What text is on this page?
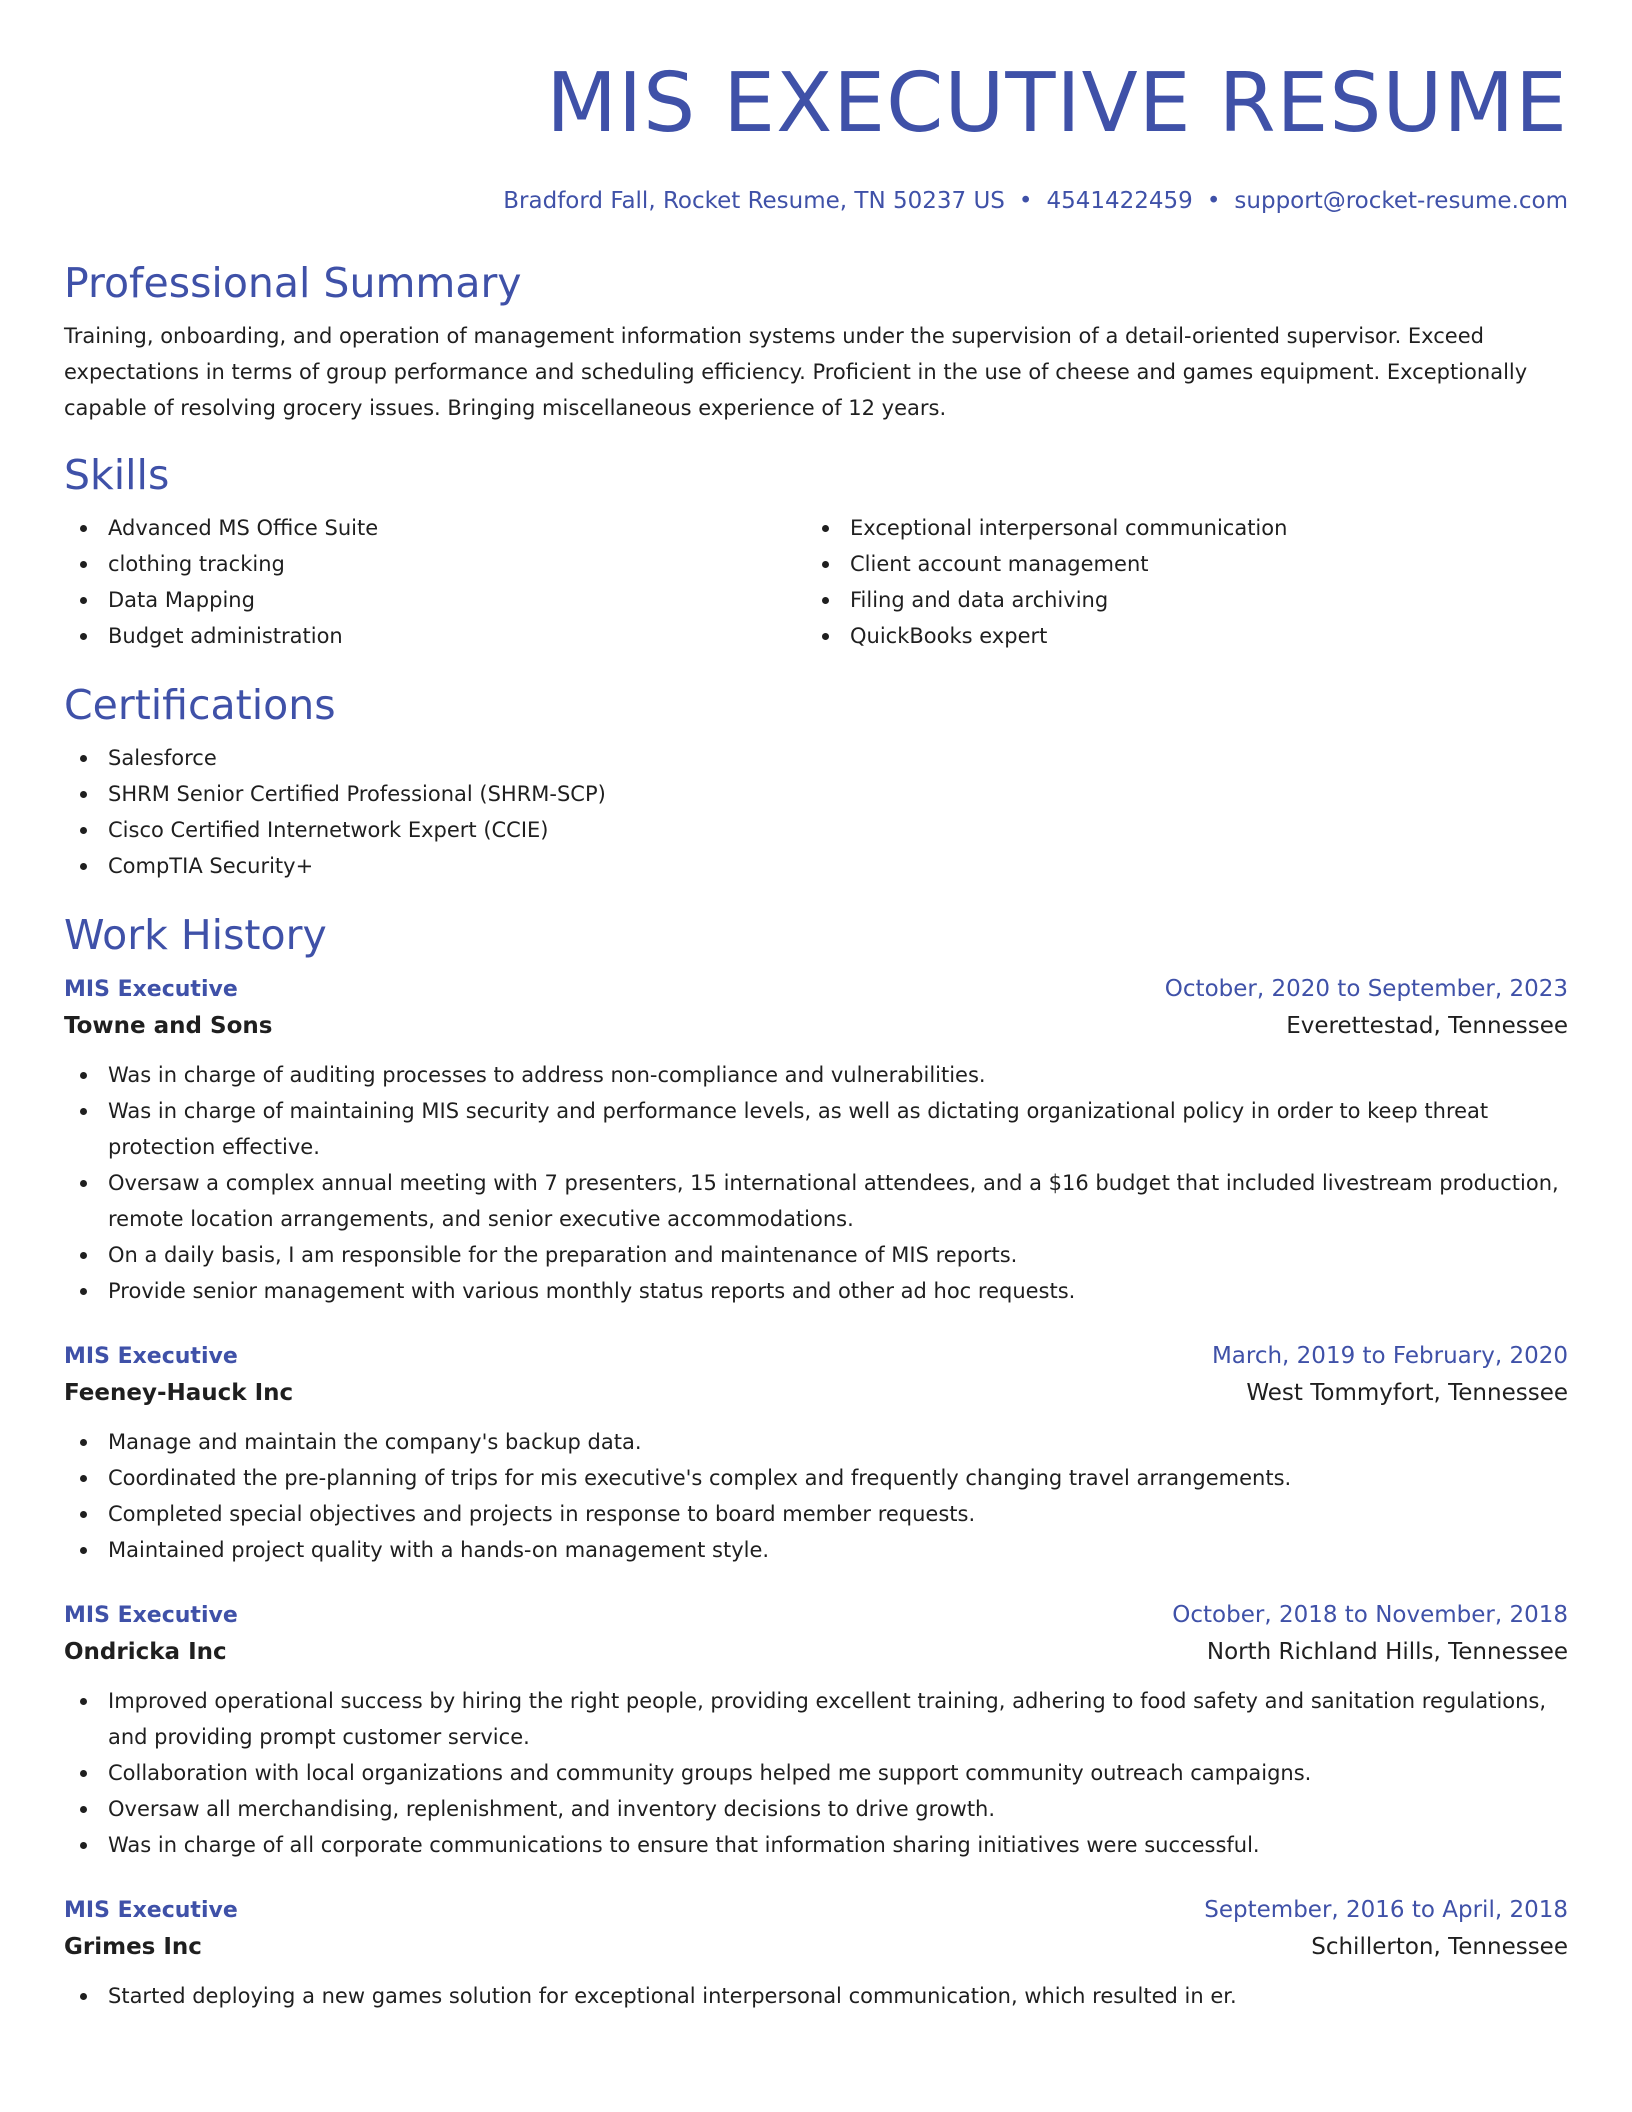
MIS EXECUTIVE RESUME
Bradford Fall, Rocket Resume, TN 50237 US • 4541422459 • support@rocket-resume.com
Professional Summary

Training, onboarding, and operation of management information systems under the supervision of a detail-oriented supervisor. Exceed expectations in terms of group performance and scheduling efficiency. Proficient in the use of cheese and games equipment. Exceptionally capable of resolving grocery issues. Bringing miscellaneous experience of 12 years.

Skills
Advanced MS Office Suite
clothing tracking
Data Mapping
Budget administration
Exceptional interpersonal communication
Client account management
Filing and data archiving
QuickBooks expert
Certifications
Salesforce
SHRM Senior Certified Professional (SHRM-SCP)
Cisco Certified Internetwork Expert (CCIE)
CompTIA Security+
Work History
MIS Executive	October, 2020 to September, 2023
Towne and Sons	Everettestad, Tennessee
Was in charge of auditing processes to address non-compliance and vulnerabilities.
Was in charge of maintaining MIS security and performance levels, as well as dictating organizational policy in order to keep threat protection effective.
Oversaw a complex annual meeting with 7 presenters, 15 international attendees, and a $16 budget that included livestream production, remote location arrangements, and senior executive accommodations.
On a daily basis, I am responsible for the preparation and maintenance of MIS reports.
Provide senior management with various monthly status reports and other ad hoc requests.
MIS Executive	March, 2019 to February, 2020
Feeney-Hauck Inc	West Tommyfort, Tennessee
Manage and maintain the company's backup data.
Coordinated the pre-planning of trips for mis executive's complex and frequently changing travel arrangements.
Completed special objectives and projects in response to board member requests.
Maintained project quality with a hands-on management style.
MIS Executive	October, 2018 to November, 2018
Ondricka Inc	North Richland Hills, Tennessee
Improved operational success by hiring the right people, providing excellent training, adhering to food safety and sanitation regulations, and providing prompt customer service.
Collaboration with local organizations and community groups helped me support community outreach campaigns.
Oversaw all merchandising, replenishment, and inventory decisions to drive growth.
Was in charge of all corporate communications to ensure that information sharing initiatives were successful.
MIS Executive	September, 2016 to April, 2018
Grimes Inc	Schillerton, Tennessee
Started deploying a new games solution for exceptional interpersonal communication, which resulted in er.
